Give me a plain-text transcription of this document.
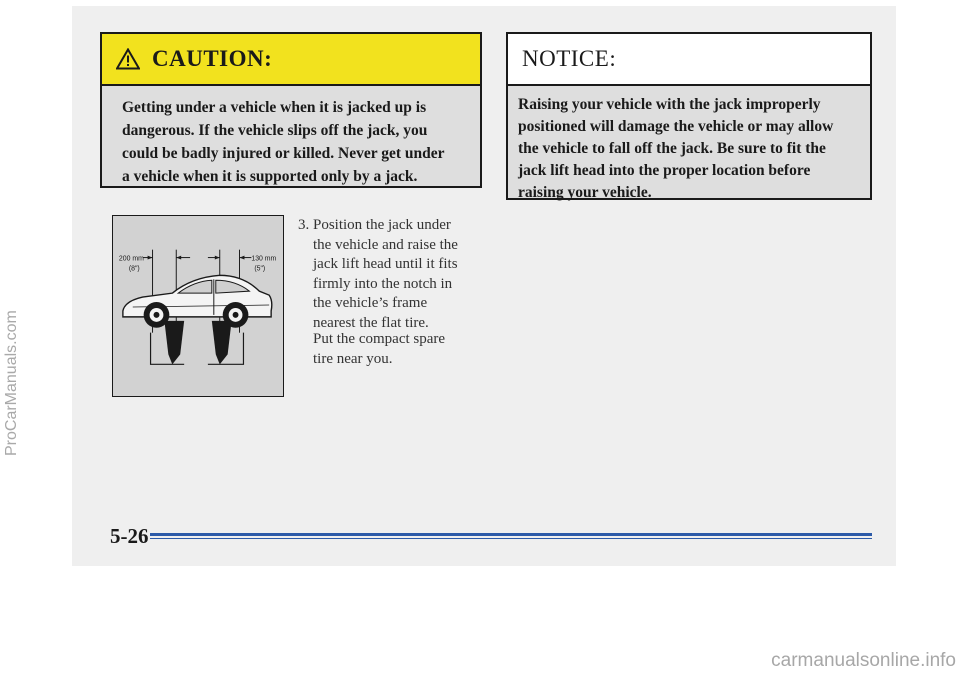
CAUTION:
Getting under a vehicle when it is jacked up is
dangerous. If the vehicle slips off the jack, you
could be badly injured or killed. Never get under
a vehicle when it is supported only by a jack.
NOTICE:
Raising your vehicle with the jack improperly
positioned will damage the vehicle or may allow
the vehicle to fall off the jack. Be sure to fit the
jack lift head into the proper location before
raising your vehicle.
200 mm
(8")
130 mm
(5")
3. Position the jack under
the vehicle and raise the
jack lift head until it fits
firmly into the notch in
the vehicle’s frame
nearest the flat tire.
Put the compact spare
tire near you.
5-26
ProCarManuals.com
carmanualsonline.info
